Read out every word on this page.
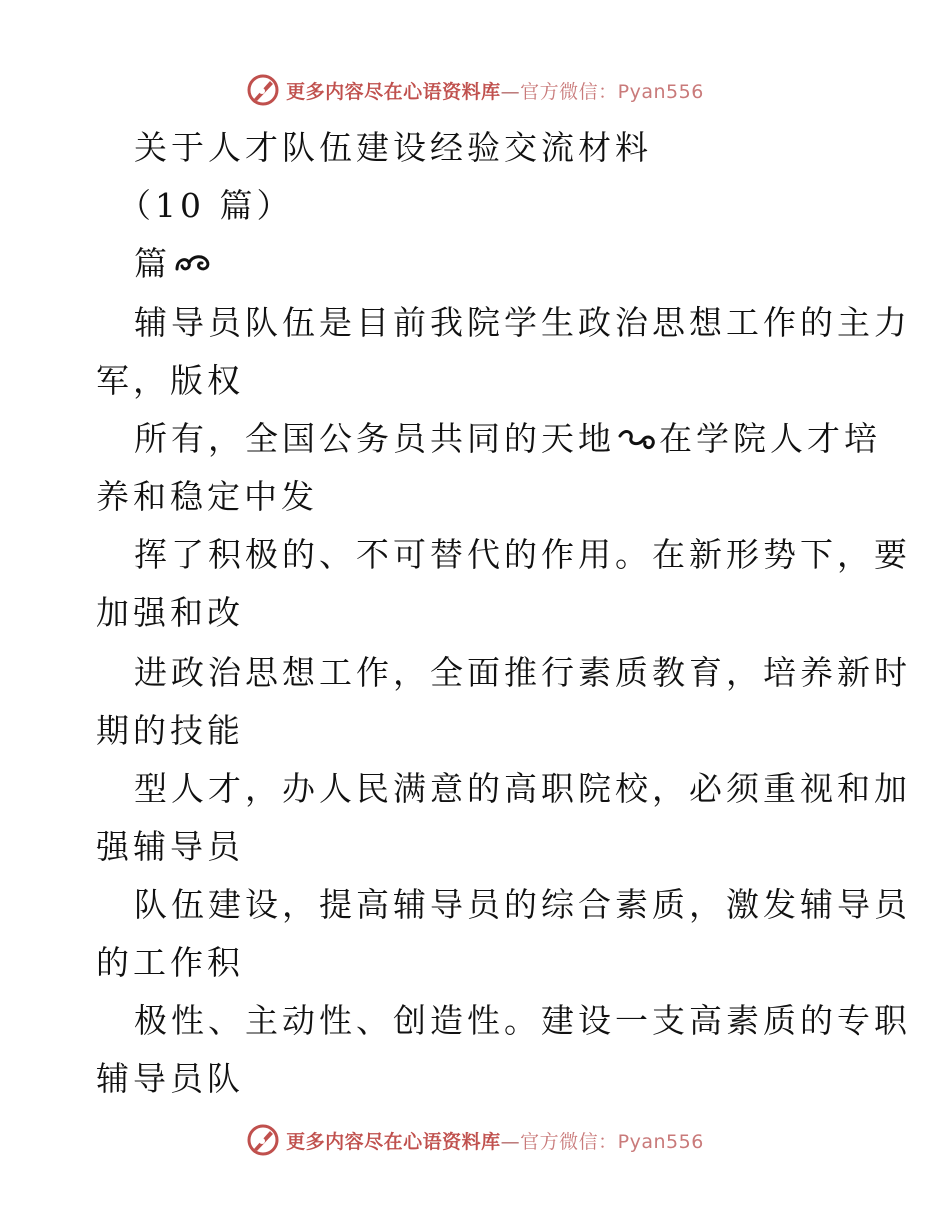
更多内容尽在心语资料库—官方微信：Pyan556
关于人才队伍建设经验交流材料
（10 篇）
篇
辅导员队伍是目前我院学生政治思想工作的主力
军，版权
所有，全国公务员共同的天地 在学院人才培
养和稳定中发
挥了积极的、不可替代的作用。在新形势下，要
加强和改
进政治思想工作，全面推行素质教育，培养新时
期的技能
型人才，办人民满意的高职院校，必须重视和加
强辅导员
队伍建设，提高辅导员的综合素质，激发辅导员
的工作积
极性、主动性、创造性。建设一支高素质的专职
辅导员队
更多内容尽在心语资料库—官方微信：Pyan556
